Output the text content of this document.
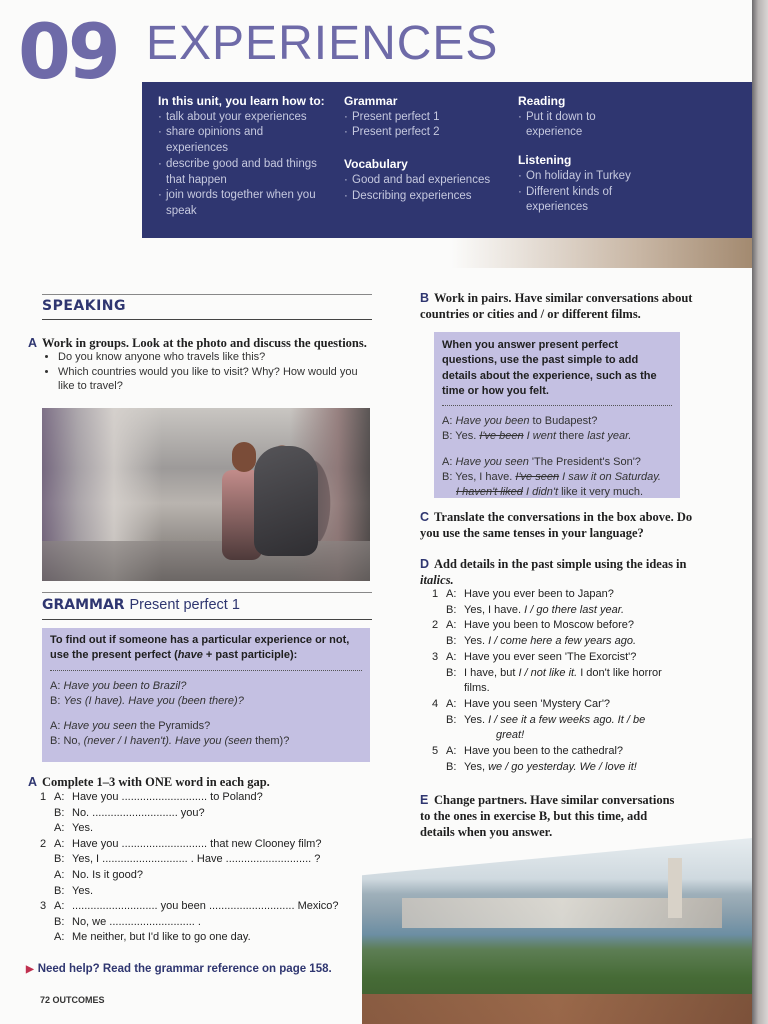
09 EXPERIENCES
In this unit, you learn how to:
· talk about your experiences
· share opinions and experiences
· describe good and bad things that happen
· join words together when you speak
Grammar
· Present perfect 1
· Present perfect 2
Vocabulary
· Good and bad experiences
· Describing experiences
Reading
· Put it down to experience
Listening
· On holiday in Turkey
· Different kinds of experiences
SPEAKING
A Work in groups. Look at the photo and discuss the questions.
• Do you know anyone who travels like this?
• Which countries would you like to visit? Why? How would you like to travel?
GRAMMAR Present perfect 1
To find out if someone has a particular experience or not, use the present perfect (have + past participle):
A: Have you been to Brazil?
B: Yes (I have). Have you (been there)?
A: Have you seen the Pyramids?
B: No, (never / I haven't). Have you (seen them)?
A Complete 1–3 with ONE word in each gap.
1 A: Have you ............................ to Poland?
B: No. ............................ you?
A: Yes.
2 A: Have you ............................ that new Clooney film?
B: Yes, I ............................ . Have ............................ ?
A: No. Is it good?
B: Yes.
3 A: ............................ you been ............................ Mexico?
B: No, we ............................ .
A: Me neither, but I'd like to go one day.
▶ Need help? Read the grammar reference on page 158.
72 OUTCOMES
B Work in pairs. Have similar conversations about countries or cities and / or different films.
When you answer present perfect questions, use the past simple to add details about the experience, such as the time or how you felt.
A: Have you been to Budapest?
B: Yes. I've been I went there last year.
A: Have you seen 'The President's Son'?
B: Yes, I have. I've seen I saw it on Saturday.
I haven't liked I didn't like it very much.
C Translate the conversations in the box above. Do you use the same tenses in your language?
D Add details in the past simple using the ideas in italics.
1 A: Have you ever been to Japan?
B: Yes, I have. I / go there last year.
2 A: Have you been to Moscow before?
B: Yes. I / come here a few years ago.
3 A: Have you ever seen 'The Exorcist'?
B: I have, but I / not like it. I don't like horror
films.
4 A: Have you seen 'Mystery Car'?
B: Yes. I / see it a few weeks ago. It / be
great!
5 A: Have you been to the cathedral?
B: Yes, we / go yesterday. We / love it!
E Change partners. Have similar conversations to the ones in exercise B, but this time, add details when you answer.
